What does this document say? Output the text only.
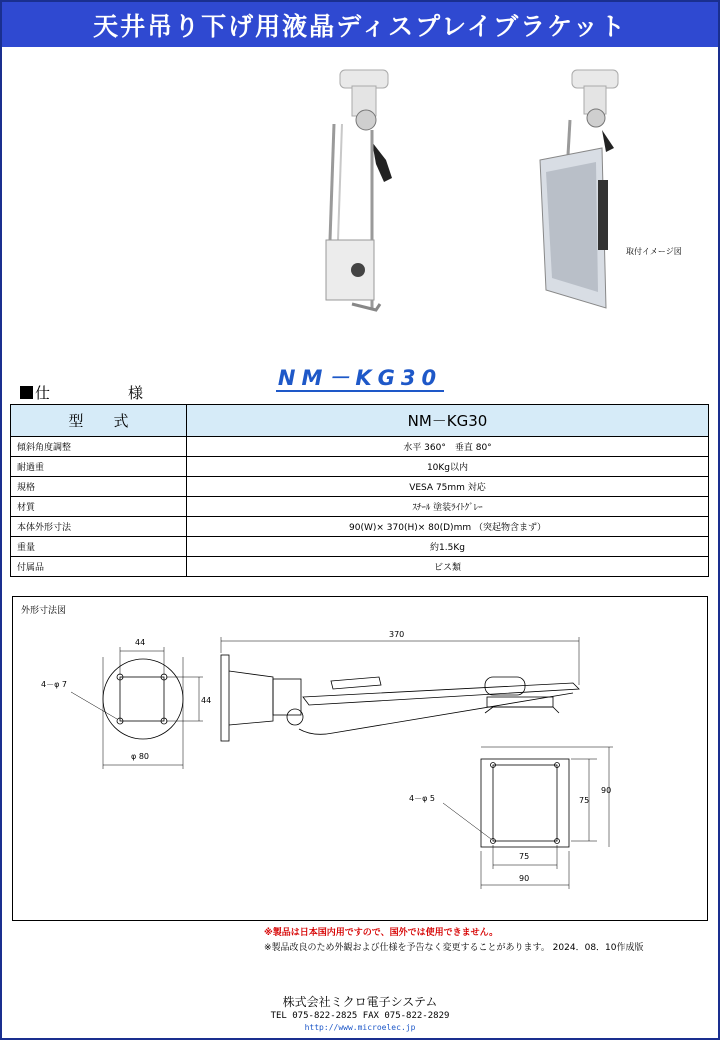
天井吊り下げ用液晶ディスプレイブラケット
取付イメージ図
NM－KG30
仕	様
型式	NM－KG30
傾斜角度調整	水平 360°　垂直 80°
耐過重	10Kg以内
規格	VESA 75mm 対応
材質	ｽﾁｰﾙ 塗装ﾗｲﾄｸﾞﾚｰ
本体外形寸法	90(W)× 370(H)× 80(D)mm （突起物含まず）
重量	約1.5Kg
付属品	ビス類
外形寸法図
44
44
4－φ 7
φ 80
370
4－φ 5	75
90
75
90
※製品は日本国内用ですので、国外では使用できません。
※製品改良のため外観および仕様を予告なく変更することがあります。 2024．08．10作成版
株式会社ミクロ電子システム
TEL 075-822-2825 FAX 075-822-2829
http://www.microelec.jp
